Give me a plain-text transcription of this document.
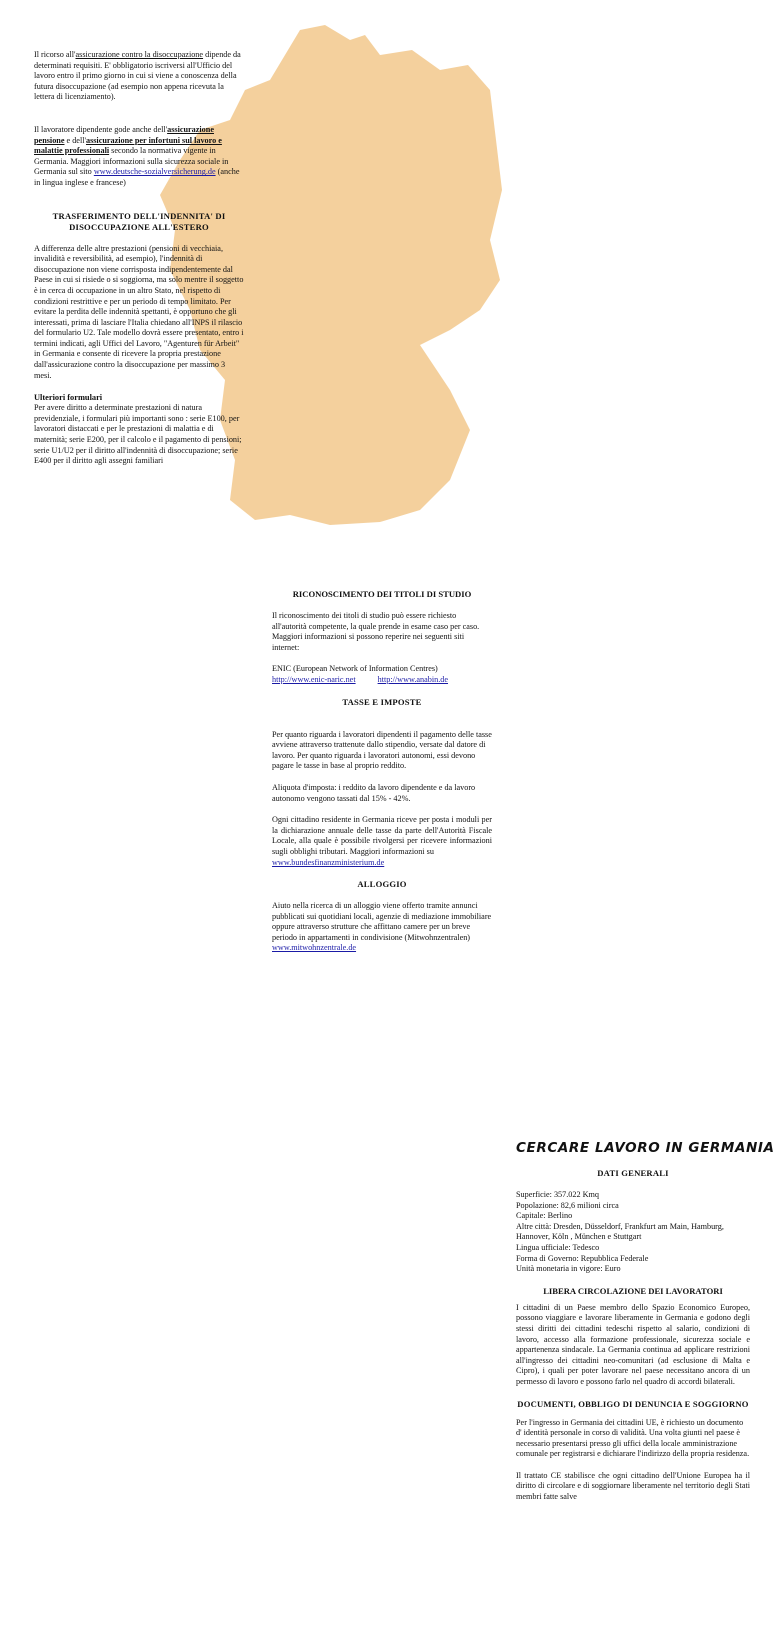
Il ricorso all'assicurazione contro la disoccupazione dipende da determinati requisiti. E' obbligatorio iscriversi all'Ufficio del lavoro entro il primo giorno in cui si viene a conoscenza della futura disoccupazione (ad esempio non appena ricevuta la lettera di licenziamento).

Il lavoratore dipendente gode anche dell'assicurazione pensione e dell'assicurazione per infortuni sul lavoro e malattie professionali secondo la normativa vigente in Germania. Maggiori informazioni sulla sicurezza sociale in Germania sul sito www.deutsche-sozialversicherung.de (anche in lingua inglese e francese)

TRASFERIMENTO DELL'INDENNITA' DI DISOCCUPAZIONE ALL'ESTERO

A differenza delle altre prestazioni (pensioni di vecchiaia, invalidità e reversibilità, ad esempio), l'indennità di disoccupazione non viene corrisposta indipendentemente dal Paese in cui si risiede o si soggiorna, ma solo mentre il soggetto è in cerca di occupazione in un altro Stato, nel rispetto di condizioni restrittive e per un periodo di tempo limitato. Per evitare la perdita delle indennità spettanti, è opportuno che gli interessati, prima di lasciare l'Italia chiedano all'INPS il rilascio del formulario U2. Tale modello dovrà essere presentato, entro i termini indicati, agli Uffici del Lavoro, "Agenturen für Arbeit" in Germania e consente di ricevere la propria prestazione dall'assicurazione contro la disoccupazione per massimo 3 mesi.

Ulteriori formulari

Per avere diritto a determinate prestazioni di natura previdenziale, i formulari più importanti sono : serie E100, per lavoratori distaccati e per le prestazioni di malattia e di maternità; serie E200, per il calcolo e il pagamento di pensioni; serie U1/U2 per il diritto all'indennità di disoccupazione; serie E400 per il diritto agli assegni familiari

RICONOSCIMENTO DEI TITOLI DI STUDIO

Il riconoscimento dei titoli di studio può essere richiesto all'autorità competente, la quale prende in esame caso per caso. Maggiori informazioni si possono reperire nei seguenti siti internet:

ENIC (European Network of Information Centres)

http://www.enic-naric.net	http://www.anabin.de

TASSE E IMPOSTE

Per quanto riguarda i lavoratori dipendenti il pagamento delle tasse avviene attraverso trattenute dallo stipendio, versate dal datore di lavoro. Per quanto riguarda i lavoratori autonomi, essi devono pagare le tasse in base al proprio reddito.

Aliquota d'imposta: i reddito da lavoro dipendente e da lavoro autonomo vengono tassati dal 15% - 42%.

Ogni cittadino residente in Germania riceve per posta i moduli per la dichiarazione annuale delle tasse da parte dell'Autorità Fiscale Locale, alla quale è possibile rivolgersi per ricevere informazioni sugli obblighi tributari. Maggiori informazioni su

www.bundesfinanzministerium.de

ALLOGGIO

Aiuto nella ricerca di un alloggio viene offerto tramite annunci pubblicati sui quotidiani locali, agenzie di mediazione immobiliare oppure attraverso strutture che affittano camere per un breve periodo in appartamenti in condivisione (Mitwohnzentralen) www.mitwohnzentrale.de

CERCARE LAVORO IN GERMANIA

DATI GENERALI

Superficie: 357.022 Kmq

Popolazione: 82,6 milioni circa

Capitale: Berlino

Altre città: Dresden, Düsseldorf, Frankfurt am Main, Hamburg, Hannover, Köln , München e Stuttgart

Lingua ufficiale: Tedesco

Forma di Governo: Repubblica Federale

Unità monetaria in vigore: Euro

LIBERA CIRCOLAZIONE DEI LAVORATORI

I cittadini di un Paese membro dello Spazio Economico Europeo, possono viaggiare e lavorare liberamente in Germania e godono degli stessi diritti dei cittadini tedeschi rispetto al salario, condizioni di lavoro, accesso alla formazione professionale, sicurezza sociale e appartenenza sindacale. La Germania continua ad applicare restrizioni all'ingresso dei cittadini neo-comunitari (ad esclusione di Malta e Cipro), i quali per poter lavorare nel paese necessitano ancora di un permesso di lavoro e possono farlo nel quadro di accordi bilaterali.

DOCUMENTI, OBBLIGO DI DENUNCIA E SOGGIORNO

Per l'ingresso in Germania dei cittadini UE, è richiesto un documento d' identità personale in corso di validità. Una volta giunti nel paese è necessario presentarsi presso gli uffici della locale amministrazione comunale per registrarsi e dichiarare l'indirizzo della propria residenza.

Il trattato CE stabilisce che ogni cittadino dell'Unione Europea ha il diritto di circolare e di soggiornare liberamente nel territorio degli Stati membri fatte salve
